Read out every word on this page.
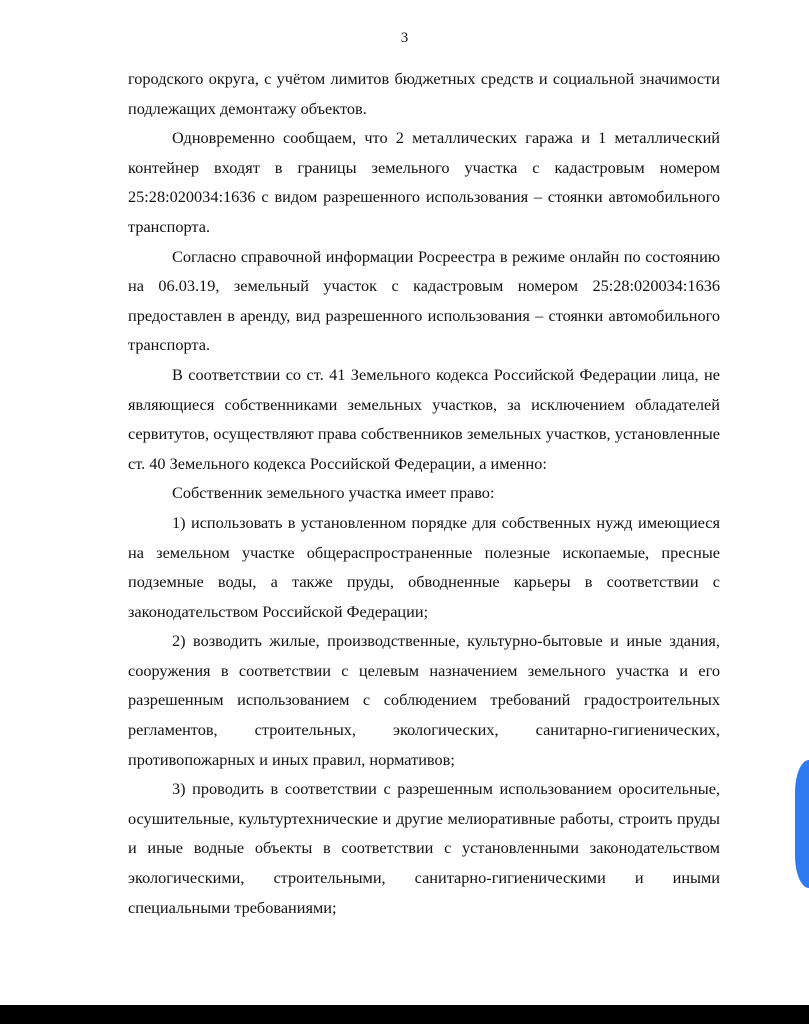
3

городского округа, с учётом лимитов бюджетных средств и социальной значимости подлежащих демонтажу объектов.

Одновременно сообщаем, что 2 металлических гаража и 1 металлический контейнер входят в границы земельного участка с кадастровым номером 25:28:020034:1636 с видом разрешенного использования – стоянки автомобильного транспорта.

Согласно справочной информации Росреестра в режиме онлайн по состоянию на 06.03.19, земельный участок с кадастровым номером 25:28:020034:1636 предоставлен в аренду, вид разрешенного использования – стоянки автомобильного транспорта.

В соответствии со ст. 41 Земельного кодекса Российской Федерации лица, не являющиеся собственниками земельных участков, за исключением обладателей сервитутов, осуществляют права собственников земельных участков, установленные ст. 40 Земельного кодекса Российской Федерации, а именно:

Собственник земельного участка имеет право:

1) использовать в установленном порядке для собственных нужд имеющиеся на земельном участке общераспространенные полезные ископаемые, пресные подземные воды, а также пруды, обводненные карьеры в соответствии с законодательством Российской Федерации;

2) возводить жилые, производственные, культурно-бытовые и иные здания, сооружения в соответствии с целевым назначением земельного участка и его разрешенным использованием с соблюдением требований градостроительных регламентов, строительных, экологических, санитарно-гигиенических, противопожарных и иных правил, нормативов;

3) проводить в соответствии с разрешенным использованием оросительные, осушительные, культуртехнические и другие мелиоративные работы, строить пруды и иные водные объекты в соответствии с установленными законодательством экологическими, строительными, санитарно-гигиеническими и иными специальными требованиями;
